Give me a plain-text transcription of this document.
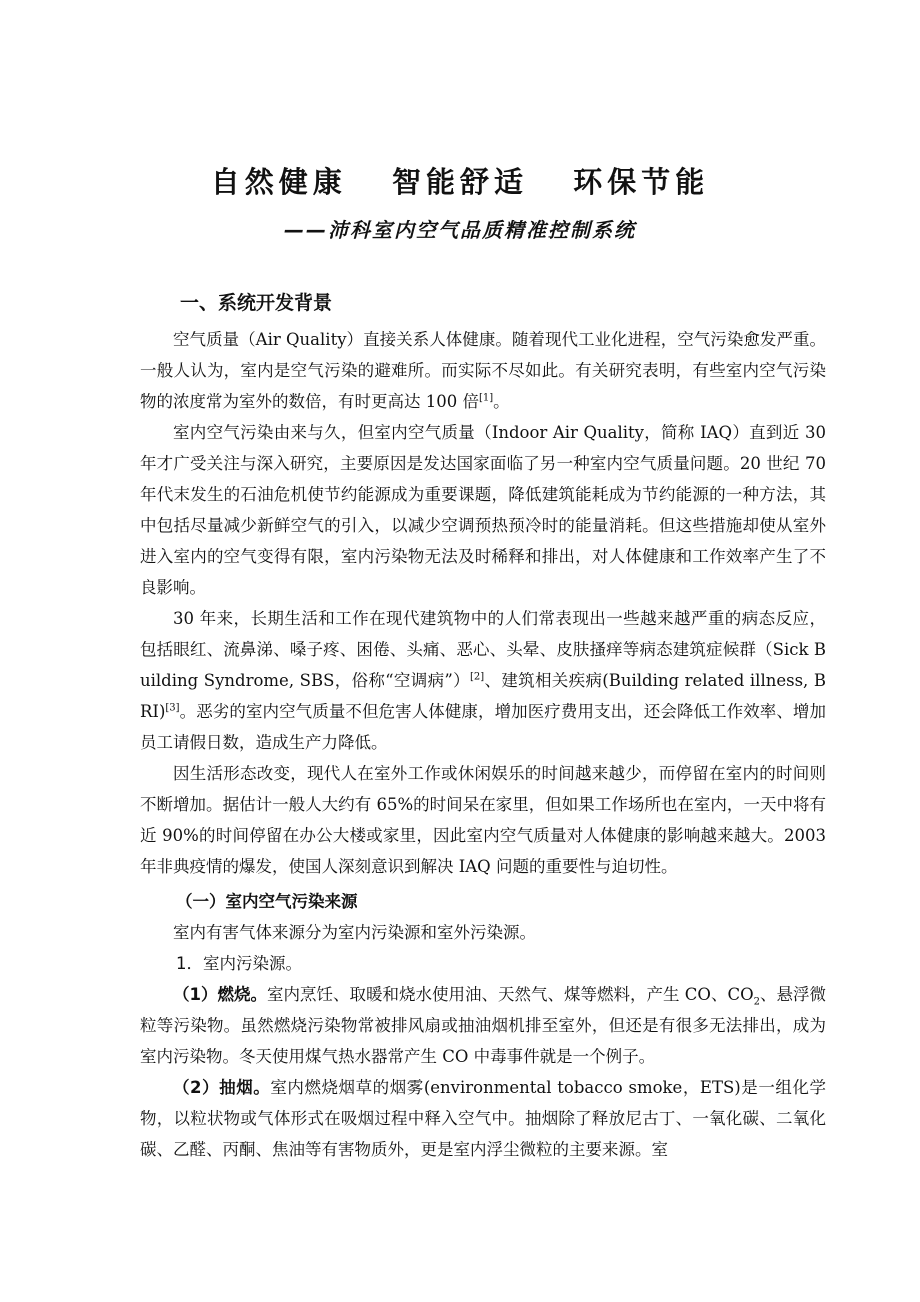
自然健康   智能舒适   环保节能
——沛科室内空气品质精准控制系统
一、系统开发背景

空气质量（Air Quality）直接关系人体健康。随着现代工业化进程，空气污染愈发严重。一般人认为，室内是空气污染的避难所。而实际不尽如此。有关研究表明，有些室内空气污染物的浓度常为室外的数倍，有时更高达 100 倍[1]。

室内空气污染由来与久，但室内空气质量（Indoor Air Quality，简称 IAQ）直到近 30 年才广受关注与深入研究，主要原因是发达国家面临了另一种室内空气质量问题。20 世纪 70 年代末发生的石油危机使节约能源成为重要课题，降低建筑能耗成为节约能源的一种方法，其中包括尽量减少新鲜空气的引入，以减少空调预热预冷时的能量消耗。但这些措施却使从室外进入室内的空气变得有限，室内污染物无法及时稀释和排出，对人体健康和工作效率产生了不良影响。

30 年来，长期生活和工作在现代建筑物中的人们常表现出一些越来越严重的病态反应，包括眼红、流鼻涕、嗓子疼、困倦、头痛、恶心、头晕、皮肤搔痒等病态建筑症候群（Sick Building Syndrome, SBS，俗称“空调病”）[2]、建筑相关疾病(Building related illness, BRI)[3]。恶劣的室内空气质量不但危害人体健康，增加医疗费用支出，还会降低工作效率、增加员工请假日数，造成生产力降低。

因生活形态改变，现代人在室外工作或休闲娱乐的时间越来越少，而停留在室内的时间则不断增加。据估计一般人大约有 65%的时间呆在家里，但如果工作场所也在室内，一天中将有近 90%的时间停留在办公大楼或家里，因此室内空气质量对人体健康的影响越来越大。2003 年非典疫情的爆发，使国人深刻意识到解决 IAQ 问题的重要性与迫切性。

（一）室内空气污染来源

室内有害气体来源分为室内污染源和室外污染源。

1．室内污染源。

（1）燃烧。室内烹饪、取暖和烧水使用油、天然气、煤等燃料，产生 CO、$CO_2$、悬浮微粒等污染物。虽然燃烧污染物常被排风扇或抽油烟机排至室外，但还是有很多无法排出，成为室内污染物。冬天使用煤气热水器常产生 CO 中毒事件就是一个例子。

（2）抽烟。室内燃烧烟草的烟雾(environmental tobacco smoke，ETS)是一组化学物，以粒状物或气体形式在吸烟过程中释入空气中。抽烟除了释放尼古丁、一氧化碳、二氧化碳、乙醛、丙酮、焦油等有害物质外，更是室内浮尘微粒的主要来源。室
